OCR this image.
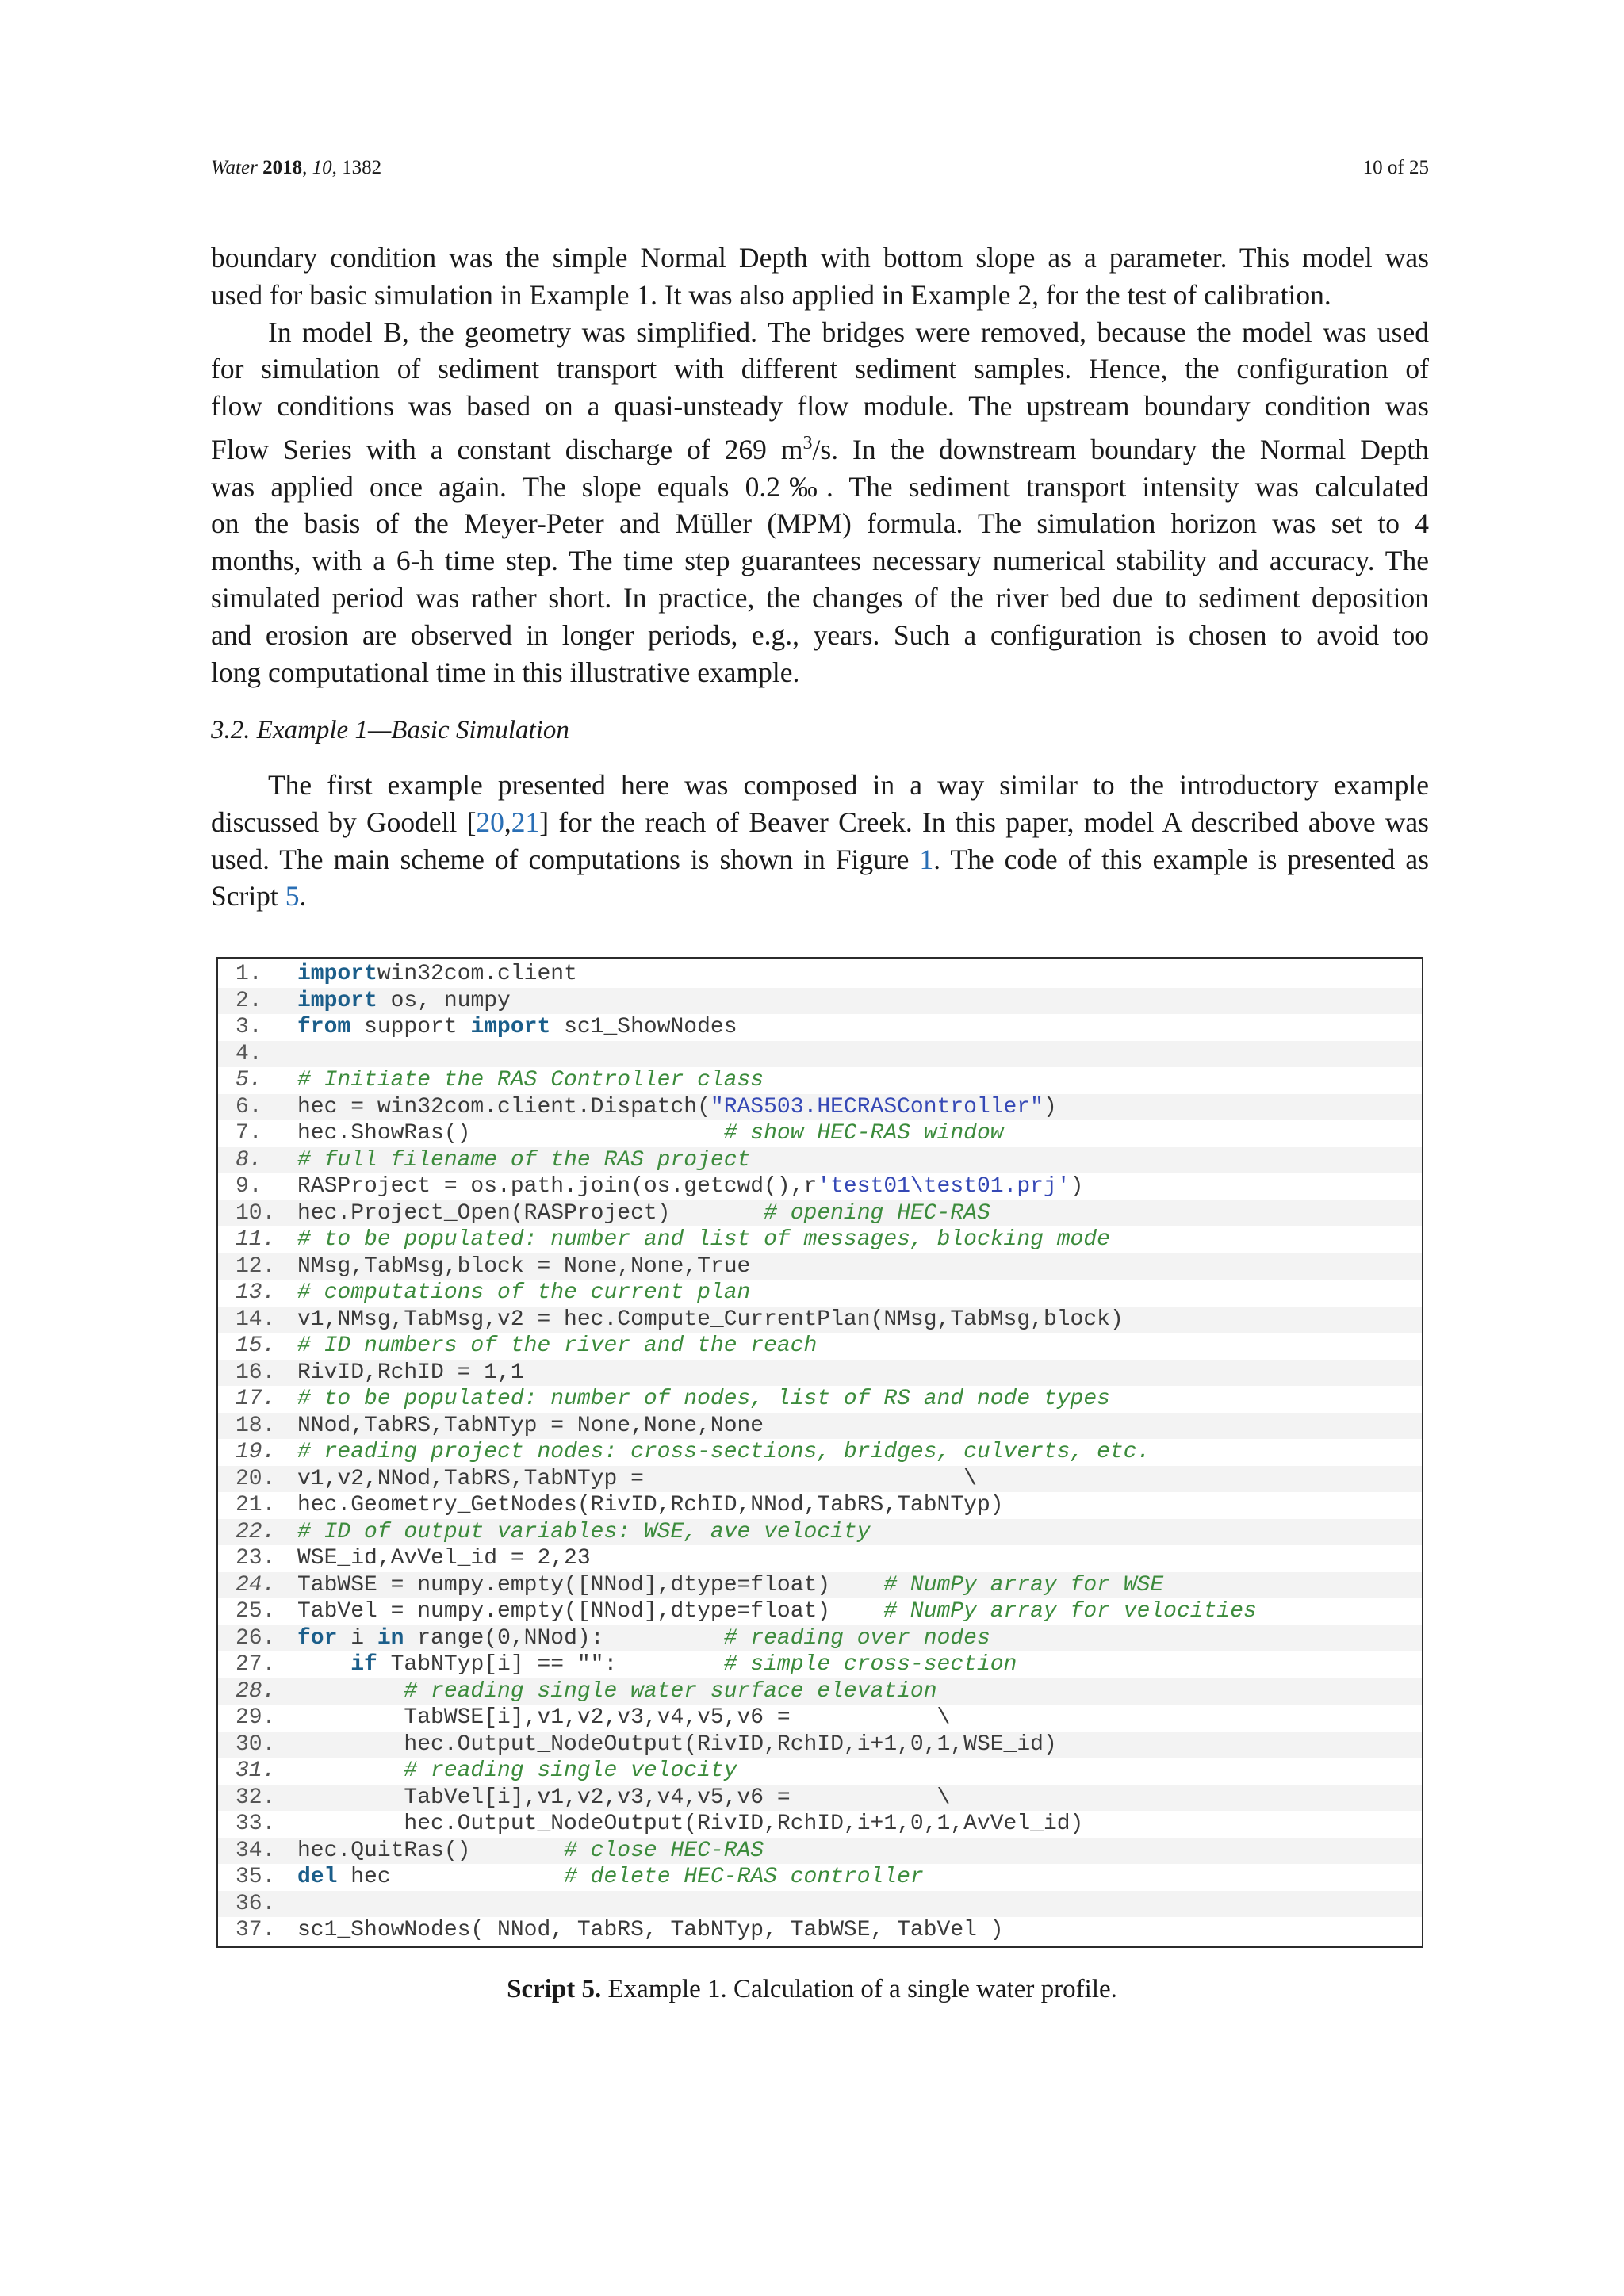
Water 2018, 10, 1382	10 of 25

boundary condition was the simple Normal Depth with bottom slope as a parameter. This model was

used for basic simulation in Example 1. It was also applied in Example 2, for the test of calibration.

In model B, the geometry was simplified. The bridges were removed, because the model was used

for simulation of sediment transport with different sediment samples. Hence, the configuration of

flow conditions was based on a quasi-unsteady flow module. The upstream boundary condition was

Flow Series with a constant discharge of 269 $m^3/s$. In the downstream boundary the Normal Depth

was applied once again. The slope equals 0.2‰. The sediment transport intensity was calculated

on the basis of the Meyer-Peter and Müller (MPM) formula. The simulation horizon was set to 4

months, with a 6-h time step. The time step guarantees necessary numerical stability and accuracy. The

simulated period was rather short. In practice, the changes of the river bed due to sediment deposition

and erosion are observed in longer periods, e.g., years. Such a configuration is chosen to avoid too

long computational time in this illustrative example.

3.2. Example 1—Basic Simulation

The first example presented here was composed in a way similar to the introductory example

discussed by Goodell [20,21] for the reach of Beaver Creek. In this paper, model A described above was

used. The main scheme of computations is shown in Figure 1. The code of this example is presented as

Script 5.

1. importwin32com.client
2. import os, numpy
3. from support import sc1_ShowNodes
4.
5. # Initiate the RAS Controller class
6. hec = win32com.client.Dispatch("RAS503.HECRASController")
7. hec.ShowRas()                   # show HEC-RAS window
8. # full filename of the RAS project
9. RASProject = os.path.join(os.getcwd(),r'test01\test01.prj')
10. hec.Project_Open(RASProject)       # opening HEC-RAS
11. # to be populated: number and list of messages, blocking mode
12. NMsg,TabMsg,block = None,None,True
13. # computations of the current plan
14. v1,NMsg,TabMsg,v2 = hec.Compute_CurrentPlan(NMsg,TabMsg,block)
15. # ID numbers of the river and the reach
16. RivID,RchID = 1,1
17. # to be populated: number of nodes, list of RS and node types
18. NNod,TabRS,TabNTyp = None,None,None
19. # reading project nodes: cross-sections, bridges, culverts, etc.
20. v1,v2,NNod,TabRS,TabNTyp =                        \
21. hec.Geometry_GetNodes(RivID,RchID,NNod,TabRS,TabNTyp)
22. # ID of output variables: WSE, ave velocity
23. WSE_id,AvVel_id = 2,23
24. TabWSE = numpy.empty([NNod],dtype=float)    # NumPy array for WSE
25. TabVel = numpy.empty([NNod],dtype=float)    # NumPy array for velocities
26. for i in range(0,NNod):         # reading over nodes
27.	if TabNTyp[i] == "":        # simple cross-section
28.	# reading single water surface elevation
29. TabWSE[i],v1,v2,v3,v4,v5,v6 =           \
30. hec.Output_NodeOutput(RivID,RchID,i+1,0,1,WSE_id)
31.	# reading single velocity
32. TabVel[i],v1,v2,v3,v4,v5,v6 =           \
33. hec.Output_NodeOutput(RivID,RchID,i+1,0,1,AvVel_id)
34. hec.QuitRas()       # close HEC-RAS
35. del hec             # delete HEC-RAS controller
36.
37. sc1_ShowNodes( NNod, TabRS, TabNTyp, TabWSE, TabVel )
Script 5. Example 1. Calculation of a single water profile.
